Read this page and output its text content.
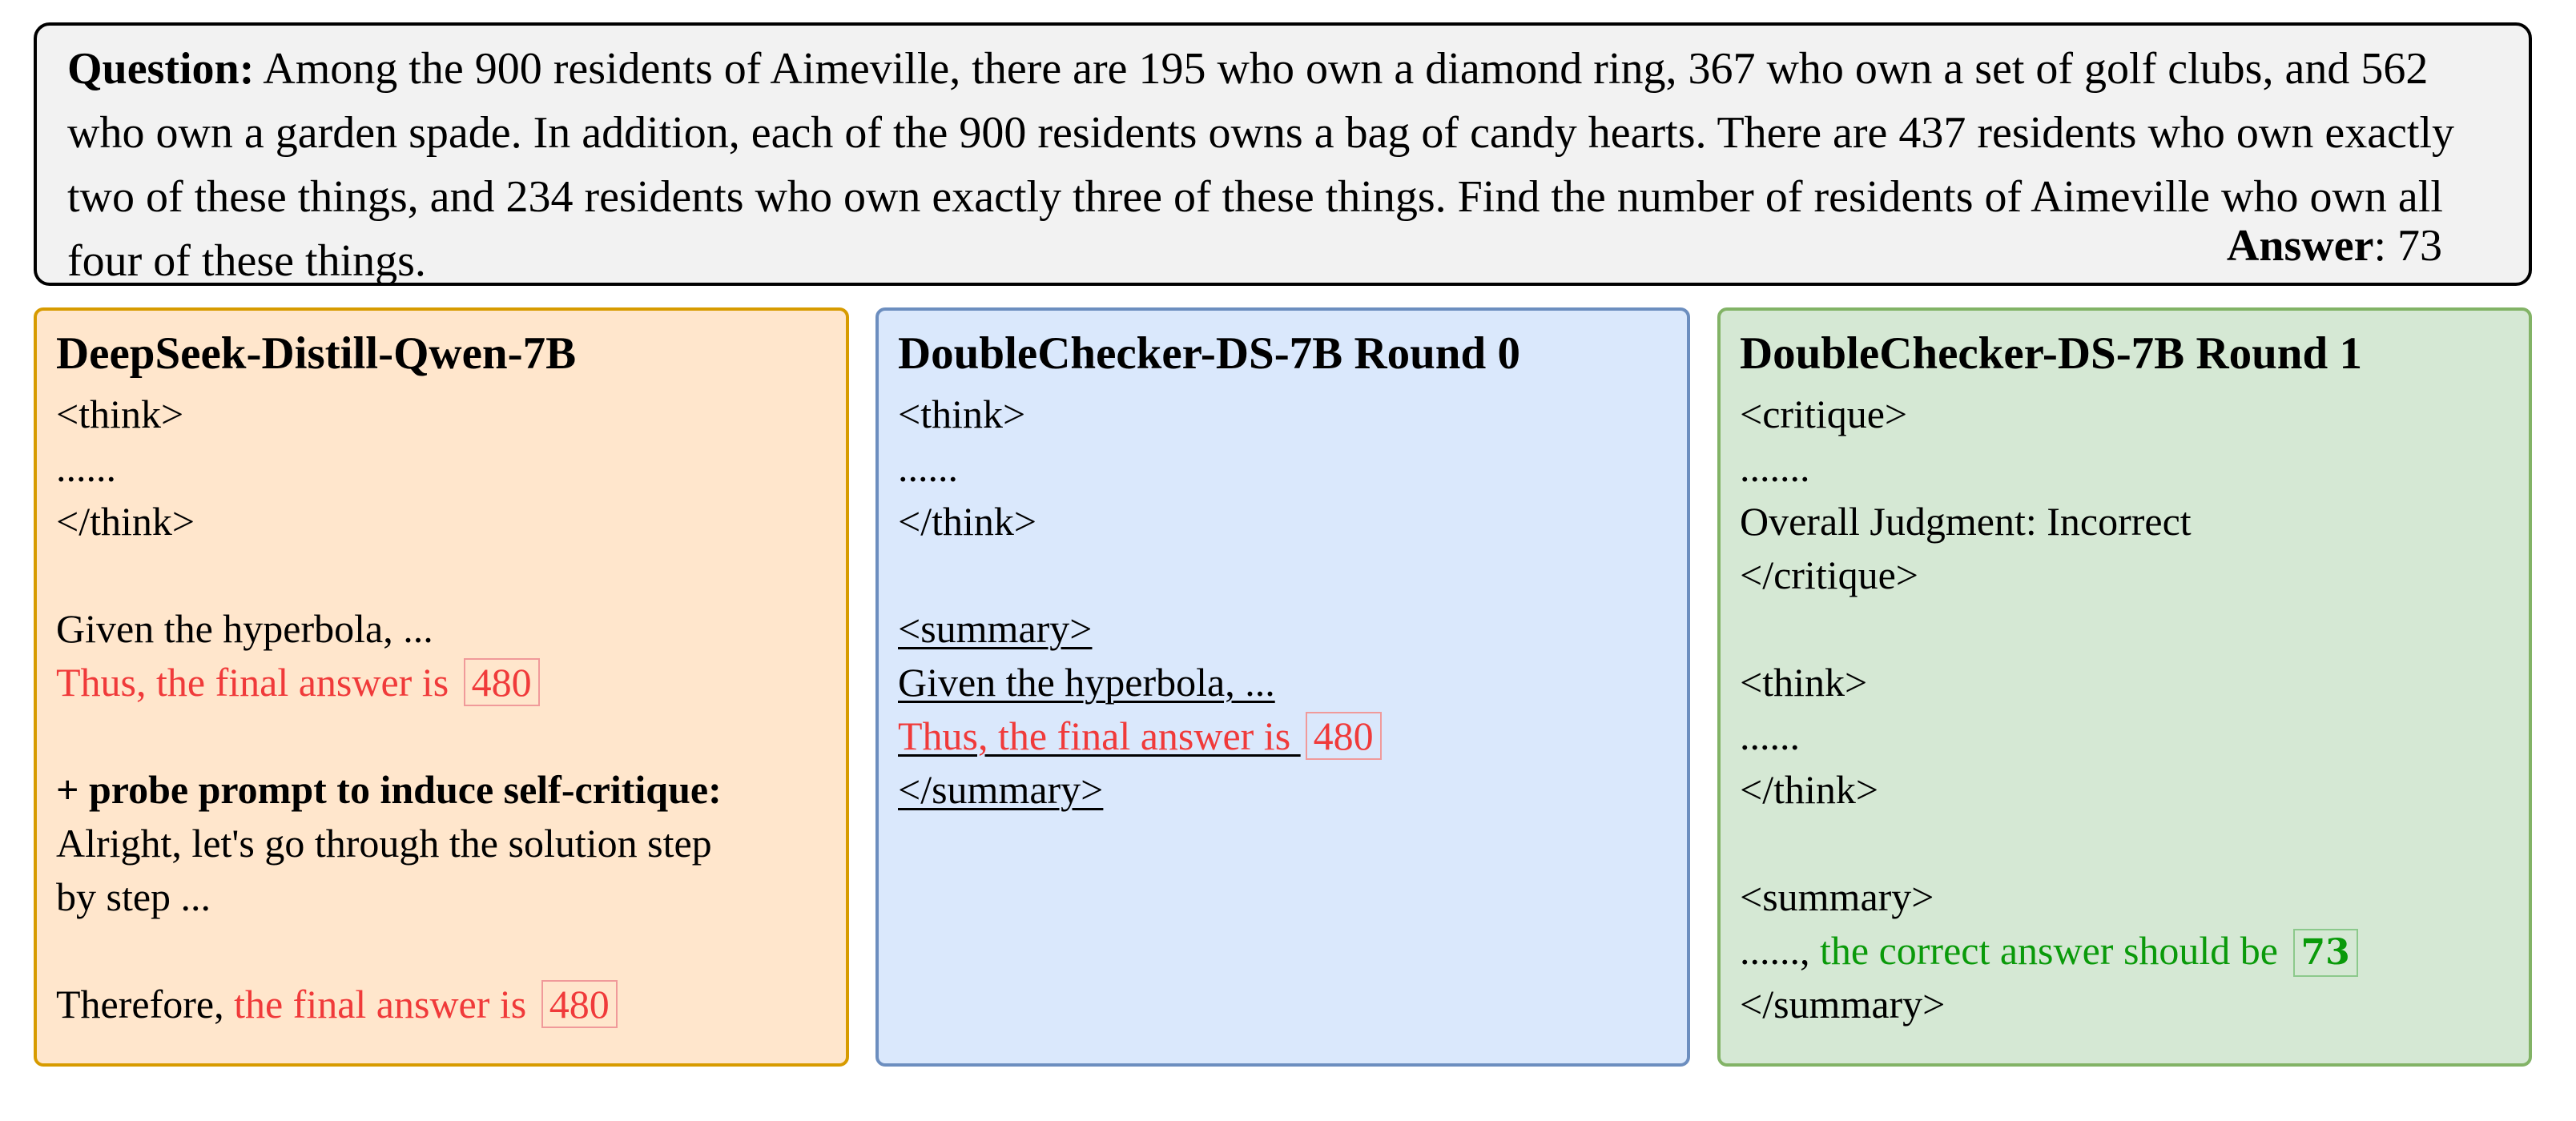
Question: Among the 900 residents of Aimeville, there are 195 who own a diamond ring, 367 who own a set of golf clubs, and 562 who own a garden spade. In addition, each of the 900 residents owns a bag of candy hearts. There are 437 residents who own exactly two of these things, and 234 residents who own exactly three of these things. Find the number of residents of Aimeville who own all four of these things.	Answer: 73
DeepSeek-Distill-Qwen-7B
<think>
......
</think>
Given the hyperbola, ...
Thus, the final answer is 480
+ probe prompt to induce self-critique:
Alright, let's go through the solution step
by step ...
Therefore, the final answer is 480
DoubleChecker-DS-7B Round 0
<think>
......
</think>
<summary>
Given the hyperbola, ...
Thus, the final answer is 480
</summary>
DoubleChecker-DS-7B Round 1
<critique>
.......
Overall Judgment: Incorrect
</critique>
<think>
......
</think>
<summary>
......, the correct answer should be 73
</summary>
